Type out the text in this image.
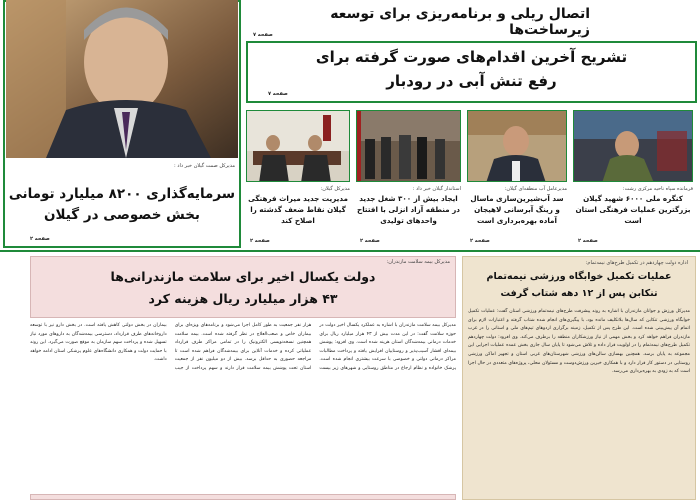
اتصال ریلی و برنامه‌ریزی برای توسعه زیرساخت‌ها
صفحه ۷
مدیرکل صمت گیلان خبر داد :
سرمایه‌گذاری ۸۲۰۰ میلیارد تومانی
بخش خصوصی در گیلان
صفحه ۲
تشریح آخرین اقدام‌های صورت گرفته برای
رفع تنش آبی در رودبار
صفحه ۷
فرمانده سپاه ناحیه مرکزی رشت:
کنگره ملی ۶۰۰۰ شهید گیلان بزرگترین عملیات فرهنگی استان است
صفحه ۲
مدیرعامل آب منطقه‌ای گیلان:
سد آب‌شیرین‌سازی ماسال و رینگ آبرسانی لاهیجان آماده بهره‌برداری است
صفحه ۲
استاندار گیلان خبر داد :
ایجاد بیش از ۳۰۰ شغل جدید در منطقه آزاد انزلی با افتتاح واحدهای تولیدی
صفحه ۲
مدیرکل گیلان:
مدیریت جدید میراث فرهنگی گیلان نقاط ضعف گذشته را اصلاح کند
صفحه ۲
اداره دولت چهاردهم در تکمیل طرح‌های نیمه‌تمام:
عملیات تکمیل خوابگاه ورزشی نیمه‌تمام
تنکابن پس از ۱۲ دهه شتاب گرفت

مدیرکل ورزش و جوانان مازندران با اشاره به روند پیشرفت طرح‌های نیمه‌تمام ورزشی استان گفت: عملیات تکمیل خوابگاه ورزشی تنکابن که سال‌ها بلاتکلیف مانده بود، با پیگیری‌های انجام شده شتاب گرفته و اعتبارات لازم برای اتمام آن پیش‌بینی شده است. این طرح پس از تکمیل، زمینه برگزاری اردوهای تیم‌های ملی و استانی را در غرب مازندران فراهم خواهد کرد و بخش مهمی از نیاز ورزشکاران منطقه را برطرف می‌کند. وی افزود: دولت چهاردهم تکمیل طرح‌های نیمه‌تمام را در اولویت قرار داده و تلاش می‌شود تا پایان سال جاری بخش عمده عملیات اجرایی این مجموعه به پایان برسد. همچنین بهسازی سالن‌های ورزشی شهرستان‌های غربی استان و تجهیز اماکن ورزشی روستایی در دستور کار قرار دارد و با همکاری خیرین ورزش‌دوست و مسئولان محلی، پروژه‌های متعددی در حال اجرا است که به زودی به بهره‌برداری می‌رسد.

مدیرکل بیمه سلامت مازندران:
دولت یکسال اخیر برای سلامت مازندرانی‌ها
۴۳ هزار میلیارد ریال هزینه کرد

مدیرکل بیمه سلامت مازندران با اشاره به عملکرد یکسال اخیر دولت در حوزه سلامت گفت: در این مدت بیش از ۴۳ هزار میلیارد ریال برای خدمات درمانی بیمه‌شدگان استان هزینه شده است. وی افزود: پوشش بیمه‌ای اقشار آسیب‌پذیر و روستاییان افزایش یافته و پرداخت مطالبات مراکز درمانی دولتی و خصوصی با سرعت بیشتری انجام شده است. پزشک خانواده و نظام ارجاع در مناطق روستایی و شهرهای زیر بیست هزار نفر جمعیت به طور کامل اجرا می‌شود و برنامه‌های ویژه‌ای برای بیماران خاص و صعب‌العلاج در نظر گرفته شده است. بیمه سلامت همچنین نسخه‌نویسی الکترونیک را در تمامی مراکز طرف قرارداد عملیاتی کرده و خدمات آنلاین برای بیمه‌شدگان فراهم شده است تا مراجعه حضوری به حداقل برسد. بیش از دو میلیون نفر از جمعیت استان تحت پوشش بیمه سلامت قرار دارند و سهم پرداخت از جیب بیماران در بخش دولتی کاهش یافته است. در بخش دارو نیز با توسعه داروخانه‌های طرف قرارداد، دسترسی بیمه‌شدگان به داروهای مورد نیاز تسهیل شده و پرداخت سهم سازمان به موقع صورت می‌گیرد. این روند با حمایت دولت و همکاری دانشگاه‌های علوم پزشکی استان ادامه خواهد داشت.
